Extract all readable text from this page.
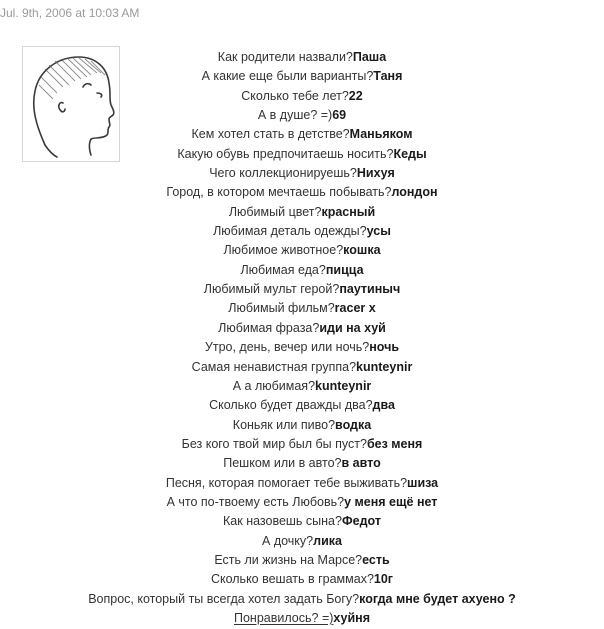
Jul. 9th, 2006 at 10:03 AM
Как родители назвали? Паша
А какие еще были варианты? Таня
Сколько тебе лет? 22
А в душе? =) 69
Кем хотел стать в детстве? Маньяком
Какую обувь предпочитаешь носить? Кеды
Чего коллекционируешь? Нихуя
Город, в котором мечтаешь побывать? лондон
Любимый цвет? красный
Любимая деталь одежды? усы
Любимое животное? кошка
Любимая еда? пицца
Любимый мульт герой? паутиныч
Любимый фильм? racer x
Любимая фраза? иди на хуй
Утро, день, вечер или ночь? ночь
Самая ненавистная группа? kunteynir
А а любимая? kunteynir
Сколько будет дважды два? два
Коньяк или пиво? водка
Без кого твой мир был бы пуст? без меня
Пешком или в авто? в авто
Песня, которая помогает тебе выживать? шиза
А что по-твоему есть Любовь? у меня ещё нет
Как назовешь сына? Федот
А дочку? лика
Есть ли жизнь на Марсе? есть
Сколько вешать в граммах? 10г
Вопрос, который ты всегда хотел задать Богу? когда мне будет ахуено ?
Понравилось? =) хуйня
